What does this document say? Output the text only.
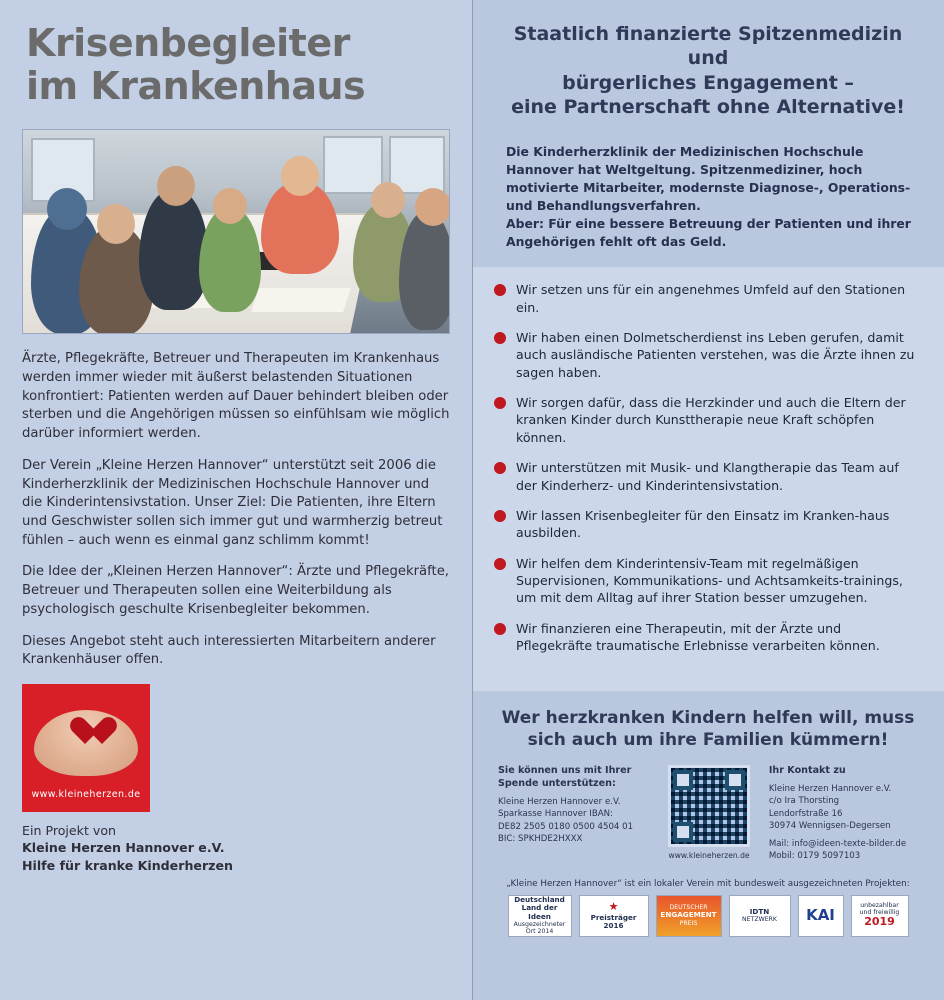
Krisenbegleiter
im Krankenhaus

Ärzte, Pflegekräfte, Betreuer und Therapeuten im Krankenhaus werden immer wieder mit äußerst belastenden Situationen konfrontiert: Patienten werden auf Dauer behindert bleiben oder sterben und die Angehörigen müssen so einfühlsam wie möglich darüber informiert werden.

Der Verein „Kleine Herzen Hannover“ unterstützt seit 2006 die Kinderherzklinik der Medizinischen Hochschule Hannover und die Kinderintensivstation. Unser Ziel: Die Patienten, ihre Eltern und Geschwister sollen sich immer gut und warmherzig betreut fühlen – auch wenn es einmal ganz schlimm kommt!

Die Idee der „Kleinen Herzen Hannover“: Ärzte und Pflegekräfte, Betreuer und Therapeuten sollen eine Weiterbildung als psychologisch geschulte Krisenbegleiter bekommen.

Dieses Angebot steht auch interessierten Mitarbeitern anderer Krankenhäuser offen.

www.kleineherzen.de
Ein Projekt von
Kleine Herzen Hannover e.V.
Hilfe für kranke Kinderherzen
Staatlich finanzierte Spitzenmedizin und
bürgerliches Engagement –
eine Partnerschaft ohne Alternative!
Die Kinderherzklinik der Medizinischen Hochschule Hannover hat Weltgeltung. Spitzenmediziner, hoch motivierte Mitarbeiter, modernste Diagnose-, Operations- und Behandlungsverfahren.
Aber: Für eine bessere Betreuung der Patienten und ihrer Angehörigen fehlt oft das Geld.
Wir setzen uns für ein angenehmes Umfeld auf den Stationen ein.
Wir haben einen Dolmetscherdienst ins Leben gerufen, damit auch ausländische Patienten verstehen, was die Ärzte ihnen zu sagen haben.
Wir sorgen dafür, dass die Herzkinder und auch die Eltern der kranken Kinder durch Kunsttherapie neue Kraft schöpfen können.
Wir unterstützen mit Musik- und Klangtherapie das Team auf der Kinderherz- und Kinderintensivstation.
Wir lassen Krisenbegleiter für den Einsatz im Kranken-haus ausbilden.
Wir helfen dem Kinderintensiv-Team mit regelmäßigen Supervisionen, Kommunikations- und Achtsamkeits-trainings, um mit dem Alltag auf ihrer Station besser umzugehen.
Wir finanzieren eine Therapeutin, mit der Ärzte und Pflegekräfte traumatische Erlebnisse verarbeiten können.
Wer herzkranken Kindern helfen will, muss
sich auch um ihre Familien kümmern!
Sie können uns mit Ihrer
Spende unterstützen:
Kleine Herzen Hannover e.V.
Sparkasse Hannover IBAN:
DE82 2505 0180 0500 4504 01
BIC: SPKHDE2HXXX
www.kleineherzen.de
Ihr Kontakt zu
Kleine Herzen Hannover e.V.
c/o Ira Thorsting
Lendorfstraße 16
30974 Wennigsen-Degersen
Mail: info@ideen-texte-bilder.de
Mobil: 0179 5097103
„Kleine Herzen Hannover“ ist ein lokaler Verein mit bundesweit ausgezeichneten Projekten:
Deutschland
Land der Ideen
Ausgezeichneter Ort 2014
★
Preisträger 2016
DEUTSCHER
ENGAGEMENT
PREIS
IDTN
NETZWERK KAI
unbezahlbar
und freiwillig
2019
